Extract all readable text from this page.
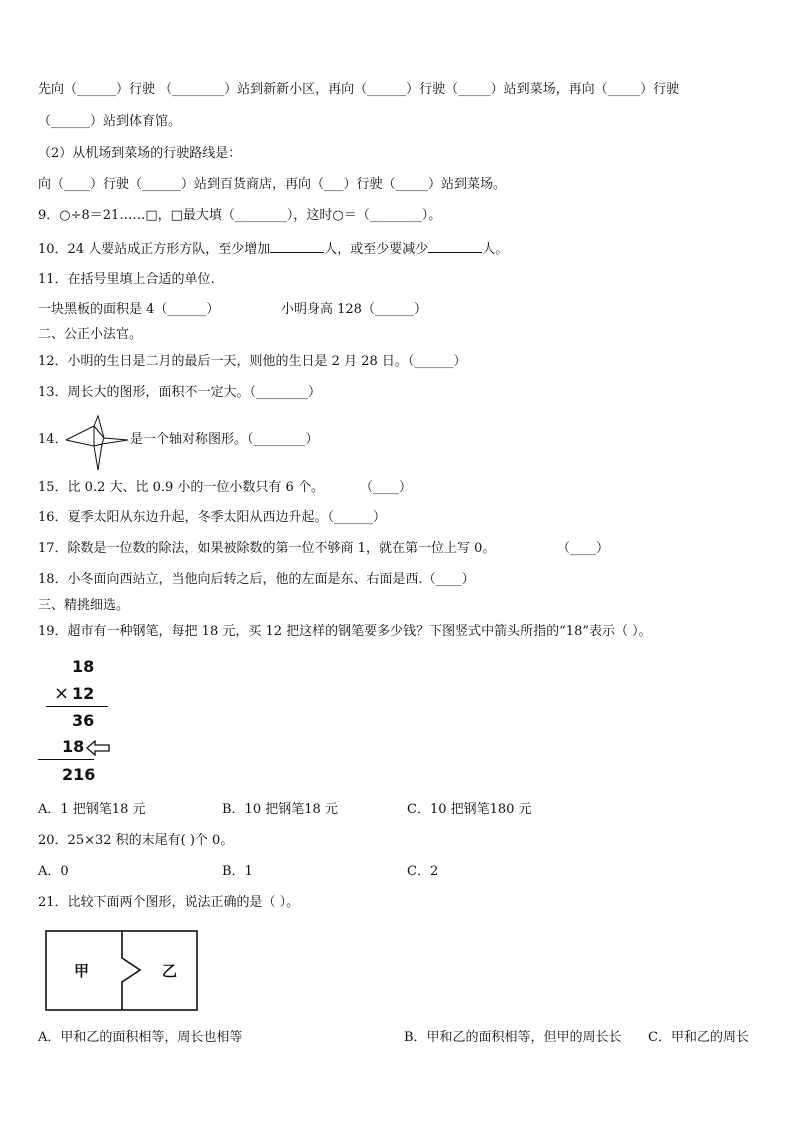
先向（______）行驶 （________）站到新新小区，再向（______）行驶（_____）站到菜场，再向（_____）行驶
（______）站到体育馆。
（2）从机场到菜场的行驶路线是：
向（____）行驶（______）站到百货商店，再向（___）行驶（_____）站到菜场。
9．○÷8＝21……□，□最大填（________），这时○＝（________）。
10．24 人要站成正方形方队，至少增加	人，或至少要减少	人。
11．在括号里填上合适的单位.
一块黑板的面积是 4（______）	小明身高 128（______）
二、公正小法官。
12．小明的生日是二月的最后一天，则他的生日是 2 月 28 日。（______）
13．周长大的图形，面积不一定大。（________）
14．	是一个轴对称图形。（________）
15．比 0.2 大、比 0.9 小的一位小数只有 6 个。	（____）
16．夏季太阳从东边升起，冬季太阳从西边升起。（______）
17．除数是一位数的除法，如果被除数的第一位不够商 1，就在第一位上写 0。	（____）
18．小冬面向西站立，当他向后转之后，他的左面是东、右面是西.（____）
三、精挑细选。
19．超市有一种钢笔，每把 18 元，买 12 把这样的钢笔要多少钱？下图竖式中箭头所指的“18”表示（ ）。
18
× 12
36
18
216
A．1 把钢笔18 元	B．10 把钢笔18 元	C．10 把钢笔180 元
20．25×32 积的末尾有( )个 0。
A．0	B．1	C．2
21．比较下面两个图形，说法正确的是（ ）。
甲	乙
A．甲和乙的面积相等，周长也相等	B．甲和乙的面积相等，但甲的周长长 C．甲和乙的周长
